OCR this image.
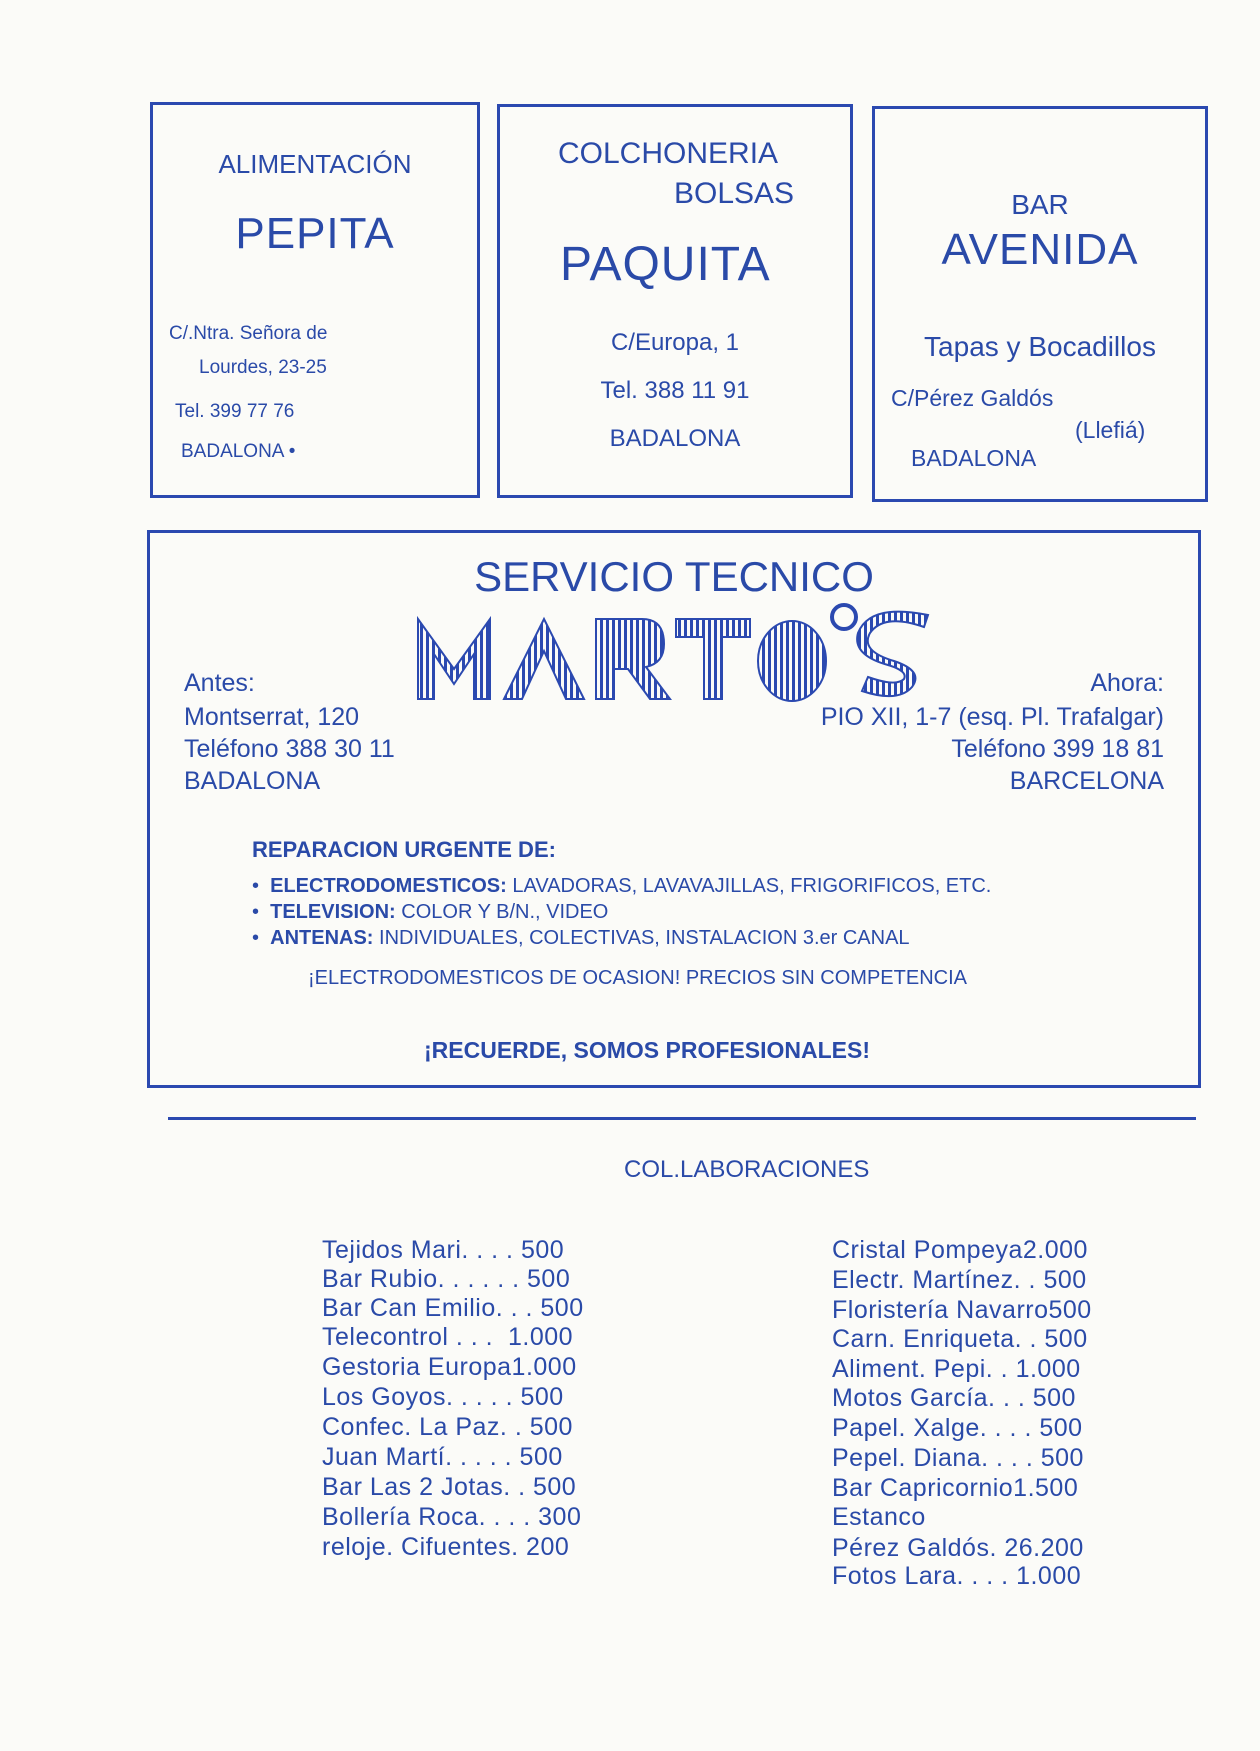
ALIMENTACIÓN
PEPITA
C/.Ntra. Señora de
Lourdes, 23-25
Tel. 399 77 76
BADALONA •
COLCHONERIA
BOLSAS
PAQUITA
C/Europa, 1
Tel. 388 11 91
BADALONA
BAR
AVENIDA
Tapas y Bocadillos
C/Pérez Galdós
(Llefiá)
BADALONA
SERVICIO TECNICO
Antes:
Montserrat, 120
Teléfono 388 30 11
BADALONA
Ahora:
PIO XII, 1-7 (esq. Pl. Trafalgar)
Teléfono 399 18 81
BARCELONA
REPARACION URGENTE DE:
•  ELECTRODOMESTICOS: LAVADORAS, LAVAVAJILLAS, FRIGORIFICOS, ETC.
•  TELEVISION: COLOR Y B/N., VIDEO
•  ANTENAS: INDIVIDUALES, COLECTIVAS, INSTALACION 3.er CANAL
¡ELECTRODOMESTICOS DE OCASION! PRECIOS SIN COMPETENCIA
¡RECUERDE, SOMOS PROFESIONALES!
COL.LABORACIONES
Tejidos Mari. . . . 500
Bar Rubio. . . . . . 500
Bar Can Emilio. . . 500
Telecontrol . . .  1.000
Gestoria Europa1.000
Los Goyos. . . . . 500
Confec. La Paz. . 500
Juan Martí. . . . . 500
Bar Las 2 Jotas. . 500
Bollería Roca. . . . 300
reloje. Cifuentes. 200
Cristal Pompeya2.000
Electr. Martínez. . 500
Floristería Navarro500
Carn. Enriqueta. . 500
Aliment. Pepi. . 1.000
Motos García. . . 500
Papel. Xalge. . . . 500
Pepel. Diana. . . . 500
Bar Capricornio1.500
Estanco
Pérez Galdós. 26.200
Fotos Lara. . . . 1.000
